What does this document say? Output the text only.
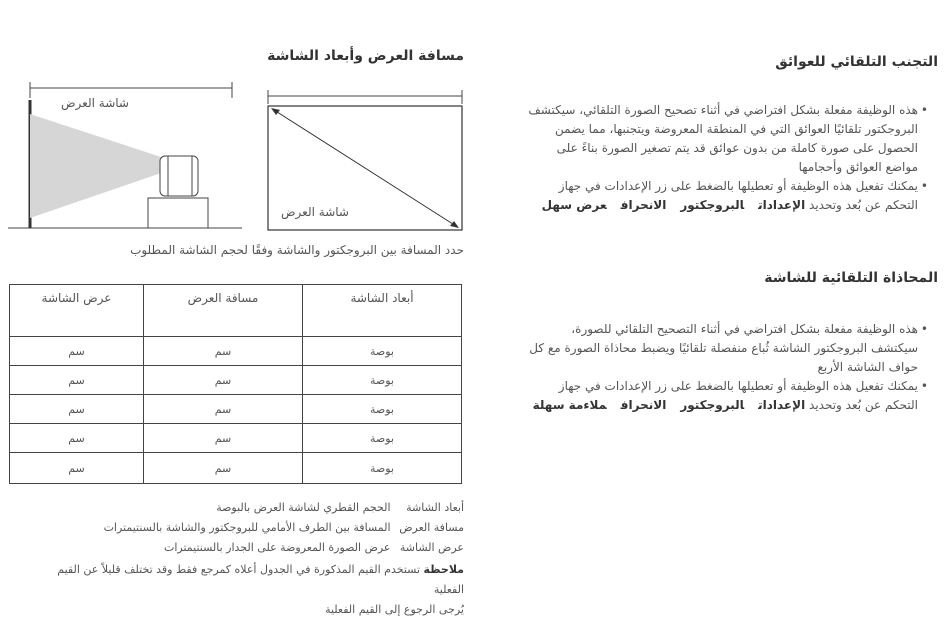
مسافة العرض وأبعاد الشاشة
شاشة العرض
شاشة العرض
حدد المسافة بين البروجكتور والشاشة وفقًا لحجم الشاشة المطلوب
أبعاد الشاشة	مسافة العرض	عرض الشاشة
بوصة	سم	سم
بوصة	سم	سم
بوصة	سم	سم
بوصة	سم	سم
بوصة	سم	سم
أبعاد الشاشة الحجم القطري لشاشة العرض بالبوصة
مسافة العرض المسافة بين الطرف الأمامي للبروجكتور والشاشة بالسنتيمترات
عرض الشاشة عرض الصورة المعروضة على الجدار بالسنتيمترات
ملاحظة تستخدم القيم المذكورة في الجدول أعلاه كمرجع فقط وقد تختلف قليلاً عن القيم الفعلية
يُرجى الرجوع إلى القيم الفعلية
التجنب التلقائي للعوائق
• هذه الوظيفة مفعلة بشكل افتراضي في أثناء تصحيح الصورة التلقائي، سيكتشف البروجكتور تلقائيًا العوائق التي في المنطقة المعروضة ويتجنبها، مما يضمن الحصول على صورة كاملة من بدون عوائق قد يتم تصغير الصورة بناءً على مواضع العوائق وأحجامها
• يمكنك تفعيل هذه الوظيفة أو تعطيلها بالضغط على زر الإعدادات في جهاز التحكم عن بُعد وتحديد الإعداداتالبروجكتورالانحرافعرض سهل
المحاذاة التلقائية للشاشة
• هذه الوظيفة مفعلة بشكل افتراضي في أثناء التصحيح التلقائي للصورة، سيكتشف البروجكتور الشاشة ثُباع منفصلة تلقائيًا ويضبط محاذاة الصورة مع كل حواف الشاشة الأربع
• يمكنك تفعيل هذه الوظيفة أو تعطيلها بالضغط على زر الإعدادات في جهاز التحكم عن بُعد وتحديد الإعداداتالبروجكتورالانحرافملاءمة سهلة
